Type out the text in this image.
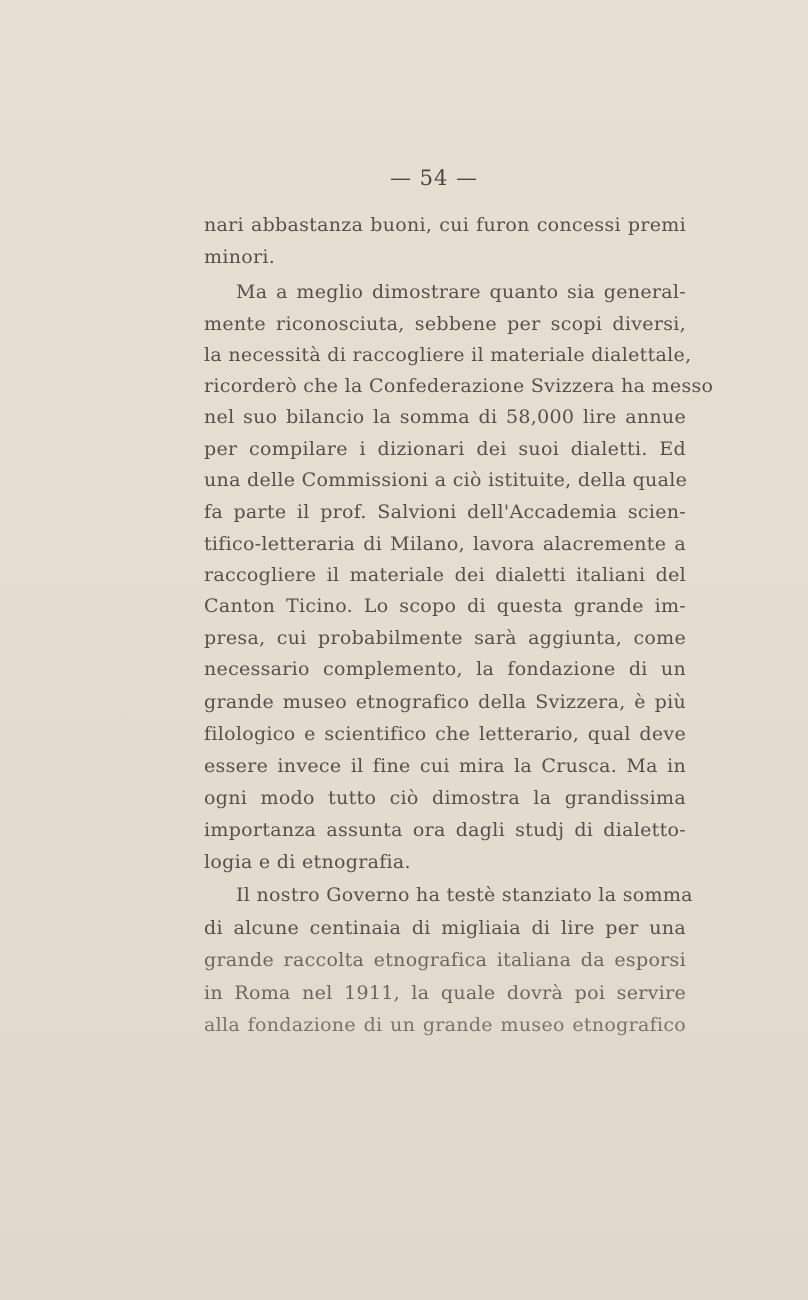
— 54 —
nari abbastanza buoni, cui furon concessi premi
minori.
Ma a meglio dimostrare quanto sia general-
mente riconosciuta, sebbene per scopi diversi,
la necessità di raccogliere il materiale dialettale,
ricorderò che la Confederazione Svizzera ha messo
nel suo bilancio la somma di 58,000 lire annue
per compilare i dizionari dei suoi dialetti. Ed
una delle Commissioni a ciò istituite, della quale
fa parte il prof. Salvioni dell'Accademia scien-
tifico-letteraria di Milano, lavora alacremente a
raccogliere il materiale dei dialetti italiani del
Canton Ticino. Lo scopo di questa grande im-
presa, cui probabilmente sarà aggiunta, come
necessario complemento, la fondazione di un
grande museo etnografico della Svizzera, è più
filologico e scientifico che letterario, qual deve
essere invece il fine cui mira la Crusca. Ma in
ogni modo tutto ciò dimostra la grandissima
importanza assunta ora dagli studj di dialetto-
logia e di etnografia.
Il nostro Governo ha testè stanziato la somma
di alcune centinaia di migliaia di lire per una
grande raccolta etnografica italiana da esporsi
in Roma nel 1911, la quale dovrà poi servire
alla fondazione di un grande museo etnografico
